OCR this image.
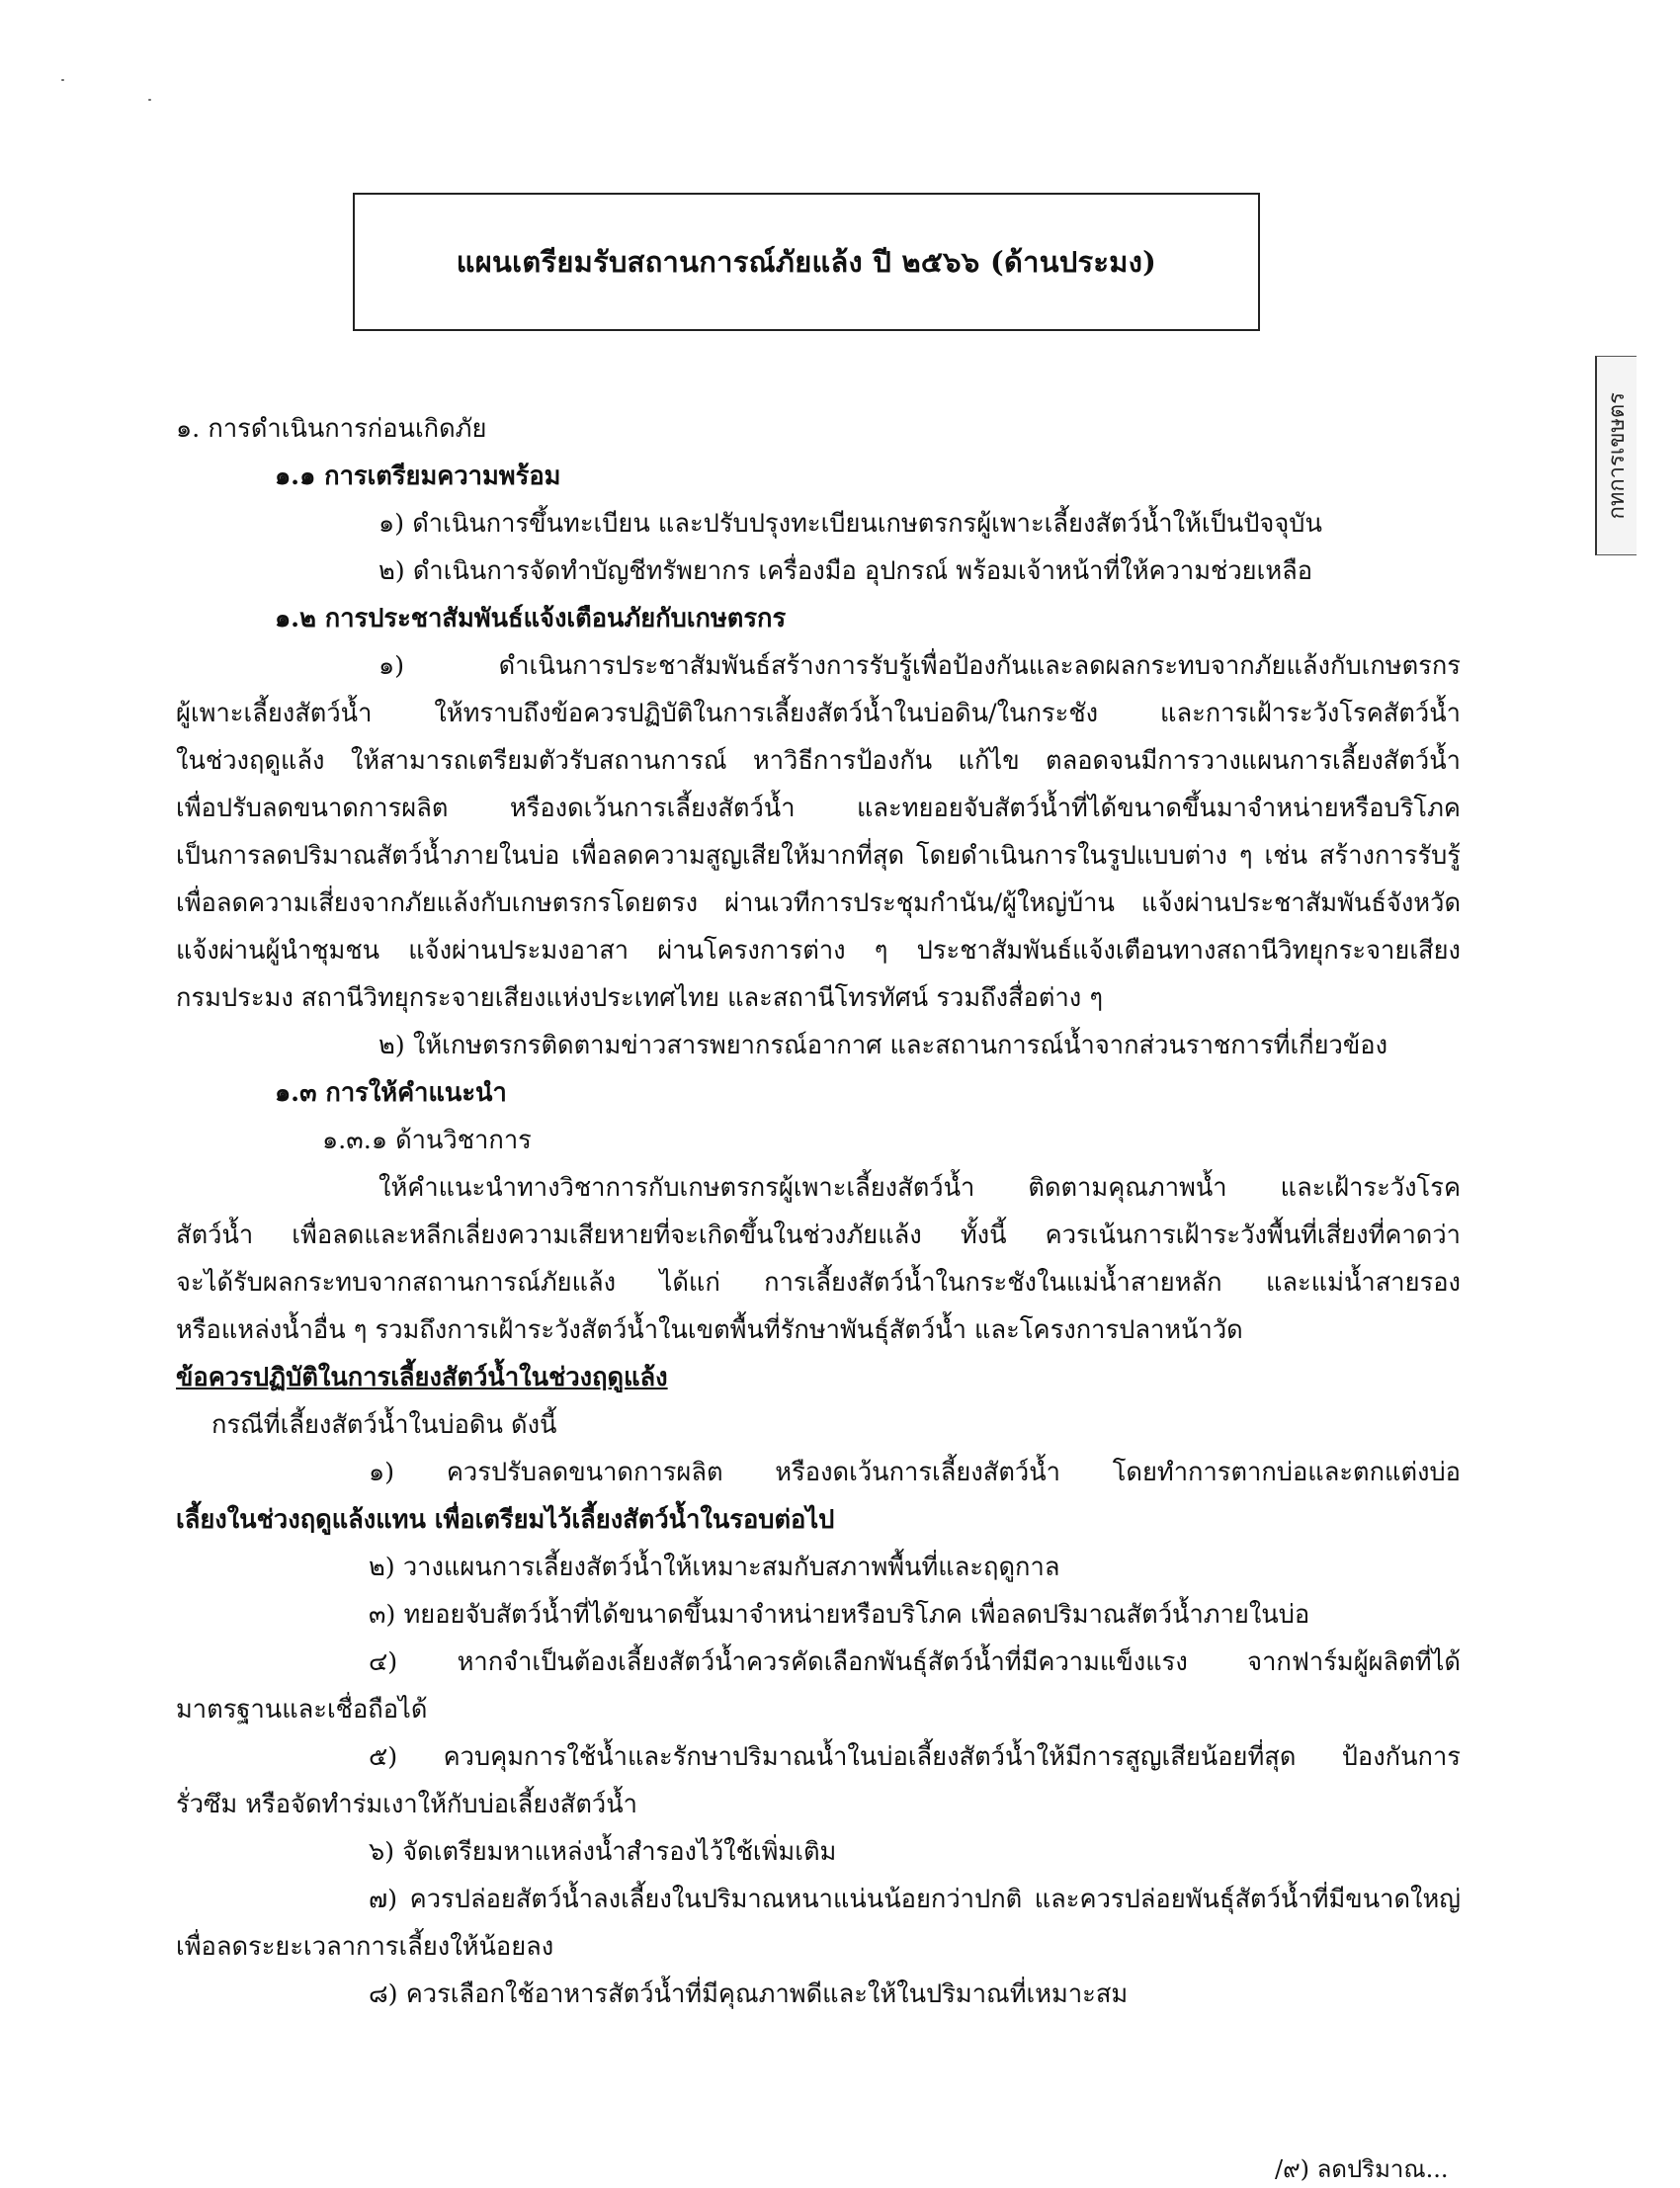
แผนเตรียมรับสถานการณ์ภัยแล้ง ปี ๒๕๖๖ (ด้านประมง)
กทการเขษตร
๑. การดำเนินการก่อนเกิดภัย
๑.๑ การเตรียมความพร้อม
๑) ดำเนินการขึ้นทะเบียน และปรับปรุงทะเบียนเกษตรกรผู้เพาะเลี้ยงสัตว์น้ำให้เป็นปัจจุบัน
๒) ดำเนินการจัดทำบัญชีทรัพยากร เครื่องมือ อุปกรณ์ พร้อมเจ้าหน้าที่ให้ความช่วยเหลือ
๑.๒ การประชาสัมพันธ์แจ้งเตือนภัยกับเกษตรกร
๑) ดำเนินการประชาสัมพันธ์สร้างการรับรู้เพื่อป้องกันและลดผลกระทบจากภัยแล้งกับเกษตรกร
ผู้เพาะเลี้ยงสัตว์น้ำ ให้ทราบถึงข้อควรปฏิบัติในการเลี้ยงสัตว์น้ำในบ่อดิน/ในกระชัง และการเฝ้าระวังโรคสัตว์น้ำ
ในช่วงฤดูแล้ง ให้สามารถเตรียมตัวรับสถานการณ์ หาวิธีการป้องกัน แก้ไข ตลอดจนมีการวางแผนการเลี้ยงสัตว์น้ำ
เพื่อปรับลดขนาดการผลิต หรืองดเว้นการเลี้ยงสัตว์น้ำ และทยอยจับสัตว์น้ำที่ได้ขนาดขึ้นมาจำหน่ายหรือบริโภค
เป็นการลดปริมาณสัตว์น้ำภายในบ่อ เพื่อลดความสูญเสียให้มากที่สุด โดยดำเนินการในรูปแบบต่าง ๆ เช่น สร้างการรับรู้
เพื่อลดความเสี่ยงจากภัยแล้งกับเกษตรกรโดยตรง ผ่านเวทีการประชุมกำนัน/ผู้ใหญ่บ้าน แจ้งผ่านประชาสัมพันธ์จังหวัด
แจ้งผ่านผู้นำชุมชน แจ้งผ่านประมงอาสา ผ่านโครงการต่าง ๆ ประชาสัมพันธ์แจ้งเตือนทางสถานีวิทยุกระจายเสียง
กรมประมง สถานีวิทยุกระจายเสียงแห่งประเทศไทย และสถานีโทรทัศน์ รวมถึงสื่อต่าง ๆ
๒) ให้เกษตรกรติดตามข่าวสารพยากรณ์อากาศ และสถานการณ์น้ำจากส่วนราชการที่เกี่ยวข้อง
๑.๓ การให้คำแนะนำ
๑.๓.๑ ด้านวิชาการ
ให้คำแนะนำทางวิชาการกับเกษตรกรผู้เพาะเลี้ยงสัตว์น้ำ ติดตามคุณภาพน้ำ และเฝ้าระวังโรค
สัตว์น้ำ เพื่อลดและหลีกเลี่ยงความเสียหายที่จะเกิดขึ้นในช่วงภัยแล้ง ทั้งนี้ ควรเน้นการเฝ้าระวังพื้นที่เสี่ยงที่คาดว่า
จะได้รับผลกระทบจากสถานการณ์ภัยแล้ง ได้แก่ การเลี้ยงสัตว์น้ำในกระชังในแม่น้ำสายหลัก และแม่น้ำสายรอง
หรือแหล่งน้ำอื่น ๆ รวมถึงการเฝ้าระวังสัตว์น้ำในเขตพื้นที่รักษาพันธุ์สัตว์น้ำ และโครงการปลาหน้าวัด
ข้อควรปฏิบัติในการเลี้ยงสัตว์น้ำในช่วงฤดูแล้ง
กรณีที่เลี้ยงสัตว์น้ำในบ่อดิน ดังนี้
๑) ควรปรับลดขนาดการผลิต หรืองดเว้นการเลี้ยงสัตว์น้ำ โดยทำการตากบ่อและตกแต่งบ่อ
เลี้ยงในช่วงฤดูแล้งแทน เพื่อเตรียมไว้เลี้ยงสัตว์น้ำในรอบต่อไป
๒) วางแผนการเลี้ยงสัตว์น้ำให้เหมาะสมกับสภาพพื้นที่และฤดูกาล
๓) ทยอยจับสัตว์น้ำที่ได้ขนาดขึ้นมาจำหน่ายหรือบริโภค เพื่อลดปริมาณสัตว์น้ำภายในบ่อ
๔) หากจำเป็นต้องเลี้ยงสัตว์น้ำควรคัดเลือกพันธุ์สัตว์น้ำที่มีความแข็งแรง จากฟาร์มผู้ผลิตที่ได้
มาตรฐานและเชื่อถือได้
๕) ควบคุมการใช้น้ำและรักษาปริมาณน้ำในบ่อเลี้ยงสัตว์น้ำให้มีการสูญเสียน้อยที่สุด ป้องกันการ
รั่วซึม หรือจัดทำร่มเงาให้กับบ่อเลี้ยงสัตว์น้ำ
๖) จัดเตรียมหาแหล่งน้ำสำรองไว้ใช้เพิ่มเติม
๗) ควรปล่อยสัตว์น้ำลงเลี้ยงในปริมาณหนาแน่นน้อยกว่าปกติ และควรปล่อยพันธุ์สัตว์น้ำที่มีขนาดใหญ่
เพื่อลดระยะเวลาการเลี้ยงให้น้อยลง
๘) ควรเลือกใช้อาหารสัตว์น้ำที่มีคุณภาพดีและให้ในปริมาณที่เหมาะสม
/๙) ลดปริมาณ...
